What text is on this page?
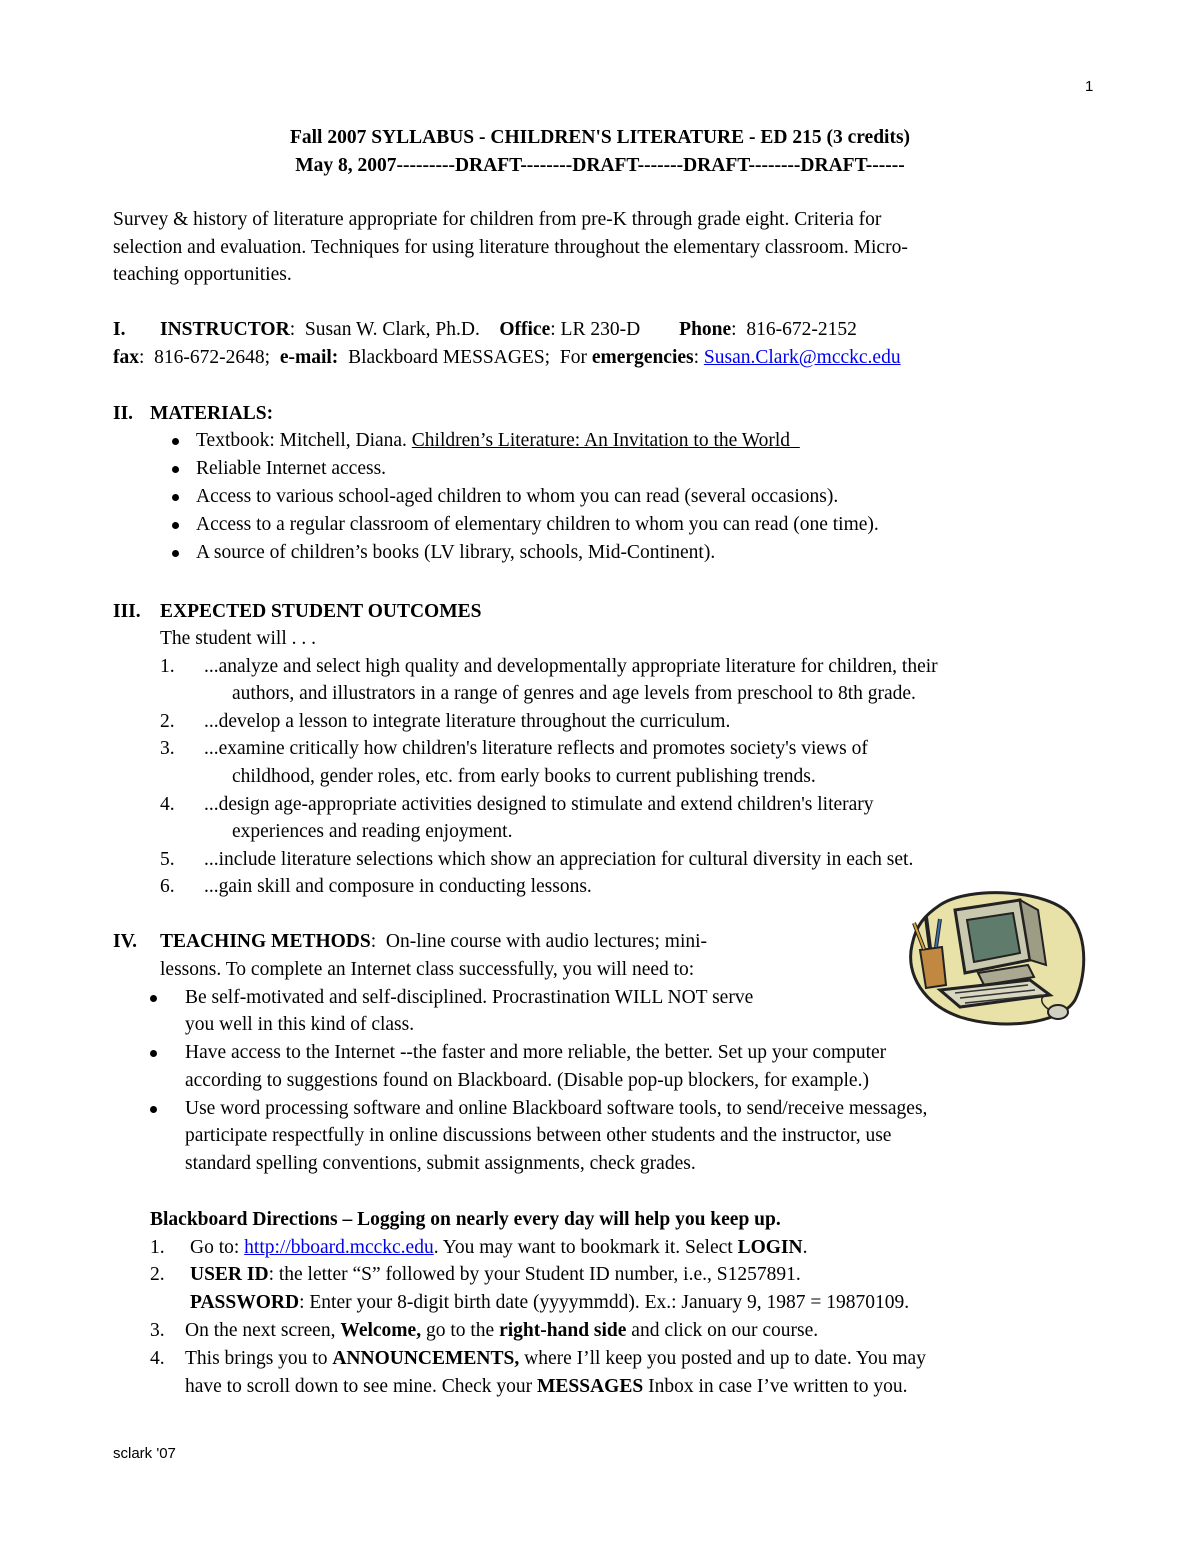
1
Fall 2007 SYLLABUS - CHILDREN'S LITERATURE - ED 215 (3 credits)
May 8, 2007---------DRAFT--------DRAFT-------DRAFT--------DRAFT------
Survey & history of literature appropriate for children from pre-K through grade eight. Criteria for
selection and evaluation. Techniques for using literature throughout the elementary classroom. Micro-
teaching opportunities.
I. INSTRUCTOR:  Susan W. Clark, Ph.D. Office: LR 230-D Phone:  816-672-2152
fax:  816-672-2648; e-mail: Blackboard MESSAGES; For emergencies: Susan.Clark@mcckc.edu
II. MATERIALS:
Textbook: Mitchell, Diana. Children’s Literature: An Invitation to the World
Reliable Internet access.
Access to various school-aged children to whom you can read (several occasions).
Access to a regular classroom of elementary children to whom you can read (one time).
A source of children’s books (LV library, schools, Mid-Continent).
III. EXPECTED STUDENT OUTCOMES
The student will . . .
1. ...analyze and select high quality and developmentally appropriate literature for children, their
authors, and illustrators in a range of genres and age levels from preschool to 8th grade.
2. ...develop a lesson to integrate literature throughout the curriculum.
3. ...examine critically how children's literature reflects and promotes society's views of
childhood, gender roles, etc. from early books to current publishing trends.
4. ...design age-appropriate activities designed to stimulate and extend children's literary
experiences and reading enjoyment.
5. ...include literature selections which show an appreciation for cultural diversity in each set.
6. ...gain skill and composure in conducting lessons.
IV. TEACHING METHODS:  On-line course with audio lectures; mini-
lessons. To complete an Internet class successfully, you will need to:
Be self-motivated and self-disciplined. Procrastination WILL NOT serve
you well in this kind of class.
Have access to the Internet --the faster and more reliable, the better. Set up your computer
according to suggestions found on Blackboard. (Disable pop-up blockers, for example.)
Use word processing software and online Blackboard software tools, to send/receive messages,
participate respectfully in online discussions between other students and the instructor, use
standard spelling conventions, submit assignments, check grades.
Blackboard Directions – Logging on nearly every day will help you keep up.
1. Go to: http://bboard.mcckc.edu. You may want to bookmark it. Select LOGIN.
2. USER ID: the letter “S” followed by your Student ID number, i.e., S1257891.
PASSWORD: Enter your 8-digit birth date (yyyymmdd). Ex.: January 9, 1987 = 19870109.
3. On the next screen, Welcome, go to the right-hand side and click on our course.
4. This brings you to ANNOUNCEMENTS, where I’ll keep you posted and up to date. You may
have to scroll down to see mine. Check your MESSAGES Inbox in case I’ve written to you.
sclark '07
